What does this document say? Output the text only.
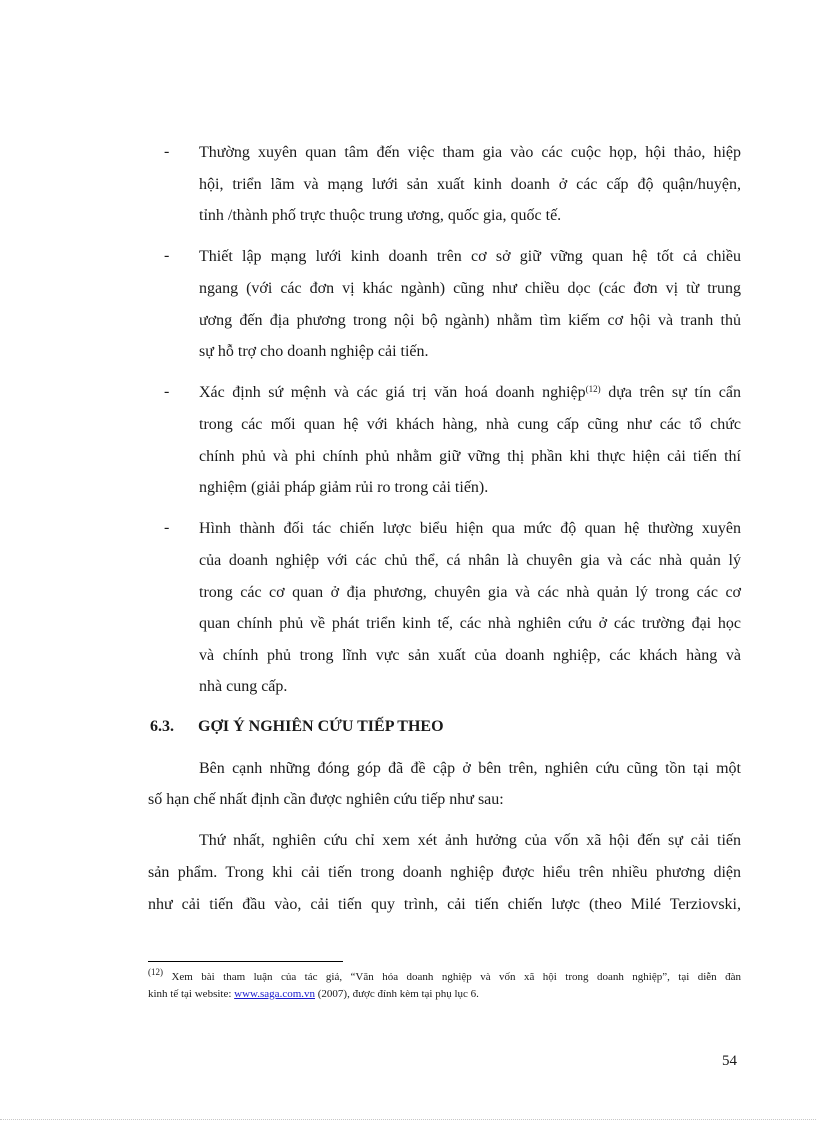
- Thường xuyên quan tâm đến việc tham gia vào các cuộc họp, hội thảo, hiệp
hội, triển lãm và mạng lưới sản xuất kinh doanh ở các cấp độ quận/huyện,
tỉnh /thành phố trực thuộc trung ương, quốc gia, quốc tế.
- Thiết lập mạng lưới kinh doanh trên cơ sở giữ vững quan hệ tốt cả chiều
ngang (với các đơn vị khác ngành) cũng như chiều dọc (các đơn vị từ trung
ương đến địa phương trong nội bộ ngành) nhằm tìm kiếm cơ hội và tranh thủ
sự hỗ trợ cho doanh nghiệp cải tiến.
- Xác định sứ mệnh và các giá trị văn hoá doanh nghiệp$^{(12)}$ dựa trên sự tín cẩn
trong các mối quan hệ với khách hàng, nhà cung cấp cũng như các tổ chức
chính phủ và phi chính phủ nhằm giữ vững thị phần khi thực hiện cải tiến thí
nghiệm (giải pháp giảm rủi ro trong cải tiến).
- Hình thành đối tác chiến lược biểu hiện qua mức độ quan hệ thường xuyên
của doanh nghiệp với các chủ thể, cá nhân là chuyên gia và các nhà quản lý
trong các cơ quan ở địa phương, chuyên gia và các nhà quản lý trong các cơ
quan chính phủ về phát triển kinh tế, các nhà nghiên cứu ở các trường đại học
và chính phủ trong lĩnh vực sản xuất của doanh nghiệp, các khách hàng và
nhà cung cấp.
6.3. GỢI Ý NGHIÊN CỨU TIẾP THEO
Bên cạnh những đóng góp đã đề cập ở bên trên, nghiên cứu cũng tồn tại một
số hạn chế nhất định cần được nghiên cứu tiếp như sau:
Thứ nhất, nghiên cứu chỉ xem xét ảnh hưởng của vốn xã hội đến sự cải tiến
sản phẩm. Trong khi cải tiến trong doanh nghiệp được hiểu trên nhiều phương diện
như cải tiến đầu vào, cải tiến quy trình, cải tiến chiến lược (theo Milé Terziovski,
$^{(12)}$ Xem bài tham luận của tác giả, “Văn hóa doanh nghiệp và vốn xã hội trong doanh nghiệp”, tại diễn đàn
kinh tế tại website: www.saga.com.vn (2007), được đính kèm tại phụ lục 6.
54
